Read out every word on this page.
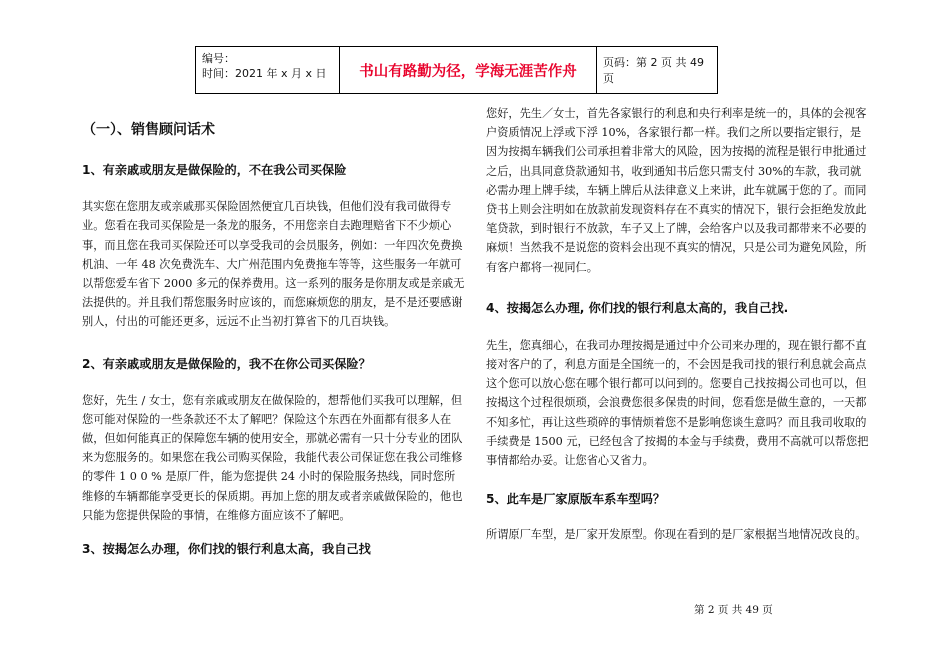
编号：
时间：2021 年 x 月 x 日	书山有路勤为径，学海无涯苦作舟
页码：第 2 页 共 49 页
（一）、销售顾问话术
1、有亲戚或朋友是做保险的，不在我公司买保险

其实您在您朋友或亲戚那买保险固然便宜几百块钱，但他们没有我司做得专业。您看在我司买保险是一条龙的服务，不用您亲自去跑理赔省下不少烦心事，而且您在我司买保险还可以享受我司的会员服务，例如：一年四次免费换机油、一年 48 次免费洗车、大广州范围内免费拖车等等，这些服务一年就可以帮您爱车省下 2000 多元的保养费用。这一系列的服务是你朋友或是亲戚无法提供的。并且我们帮您服务时应该的，而您麻烦您的朋友，是不是还要感谢别人，付出的可能还更多，远远不止当初打算省下的几百块钱。

2、有亲戚或朋友是做保险的，我不在你公司买保险？

您好，先生 / 女士，您有亲戚或朋友在做保险的，想帮他们买我可以理解，但您可能对保险的一些条款还不太了解吧？保险这个东西在外面都有很多人在做，但如何能真正的保障您车辆的使用安全，那就必需有一只十分专业的团队来为您服务的。如果您在我公司购买保险，我能代表公司保证您在我公司维修的零件 1 0 0 % 是原厂件，能为您提供 24 小时的保险服务热线，同时您所维修的车辆都能享受更长的保质期。再加上您的朋友或者亲戚做保险的，他也只能为您提供保险的事情，在维修方面应该不了解吧。

3、按揭怎么办理，你们找的银行利息太高，我自己找

您好，先生／女士，首先各家银行的利息和央行利率是统一的，具体的会视客户资质情况上浮或下浮 10%，各家银行都一样。我们之所以要指定银行，是因为按揭车辆我们公司承担着非常大的风险，因为按揭的流程是银行申批通过之后，出具同意贷款通知书，收到通知书后您只需支付 30%的车款，我司就必需办理上牌手续，车辆上牌后从法律意义上来讲，此车就属于您的了。而同贷书上则会注明如在放款前发现资料存在不真实的情况下，银行会拒绝发放此笔贷款，到时银行不放款，车子又上了牌，会给客户以及我司都带来不必要的麻烦！当然我不是说您的资料会出现不真实的情况，只是公司为避免风险，所有客户都将一视同仁。

4、按揭怎么办理, 你们找的银行利息太高的，我自己找.

先生，您真细心，在我司办理按揭是通过中介公司来办理的，现在银行都不直接对客户的了，利息方面是全国统一的，不会因是我司找的银行利息就会高点这个您可以放心您在哪个银行都可以问到的。您要自己找按揭公司也可以，但按揭这个过程很烦琐，会浪费您很多保贵的时间，您看您是做生意的，一天都不知多忙，再让这些琐碎的事情烦着您不是影响您谈生意吗？而且我司收取的手续费是 1500 元，已经包含了按揭的本金与手续费，费用不高就可以帮您把事情都给办妥。让您省心又省力。

5、此车是厂家原版车系车型吗？

所谓原厂车型，是厂家开发原型。你现在看到的是厂家根据当地情况改良的。

第 2 页 共 49 页
